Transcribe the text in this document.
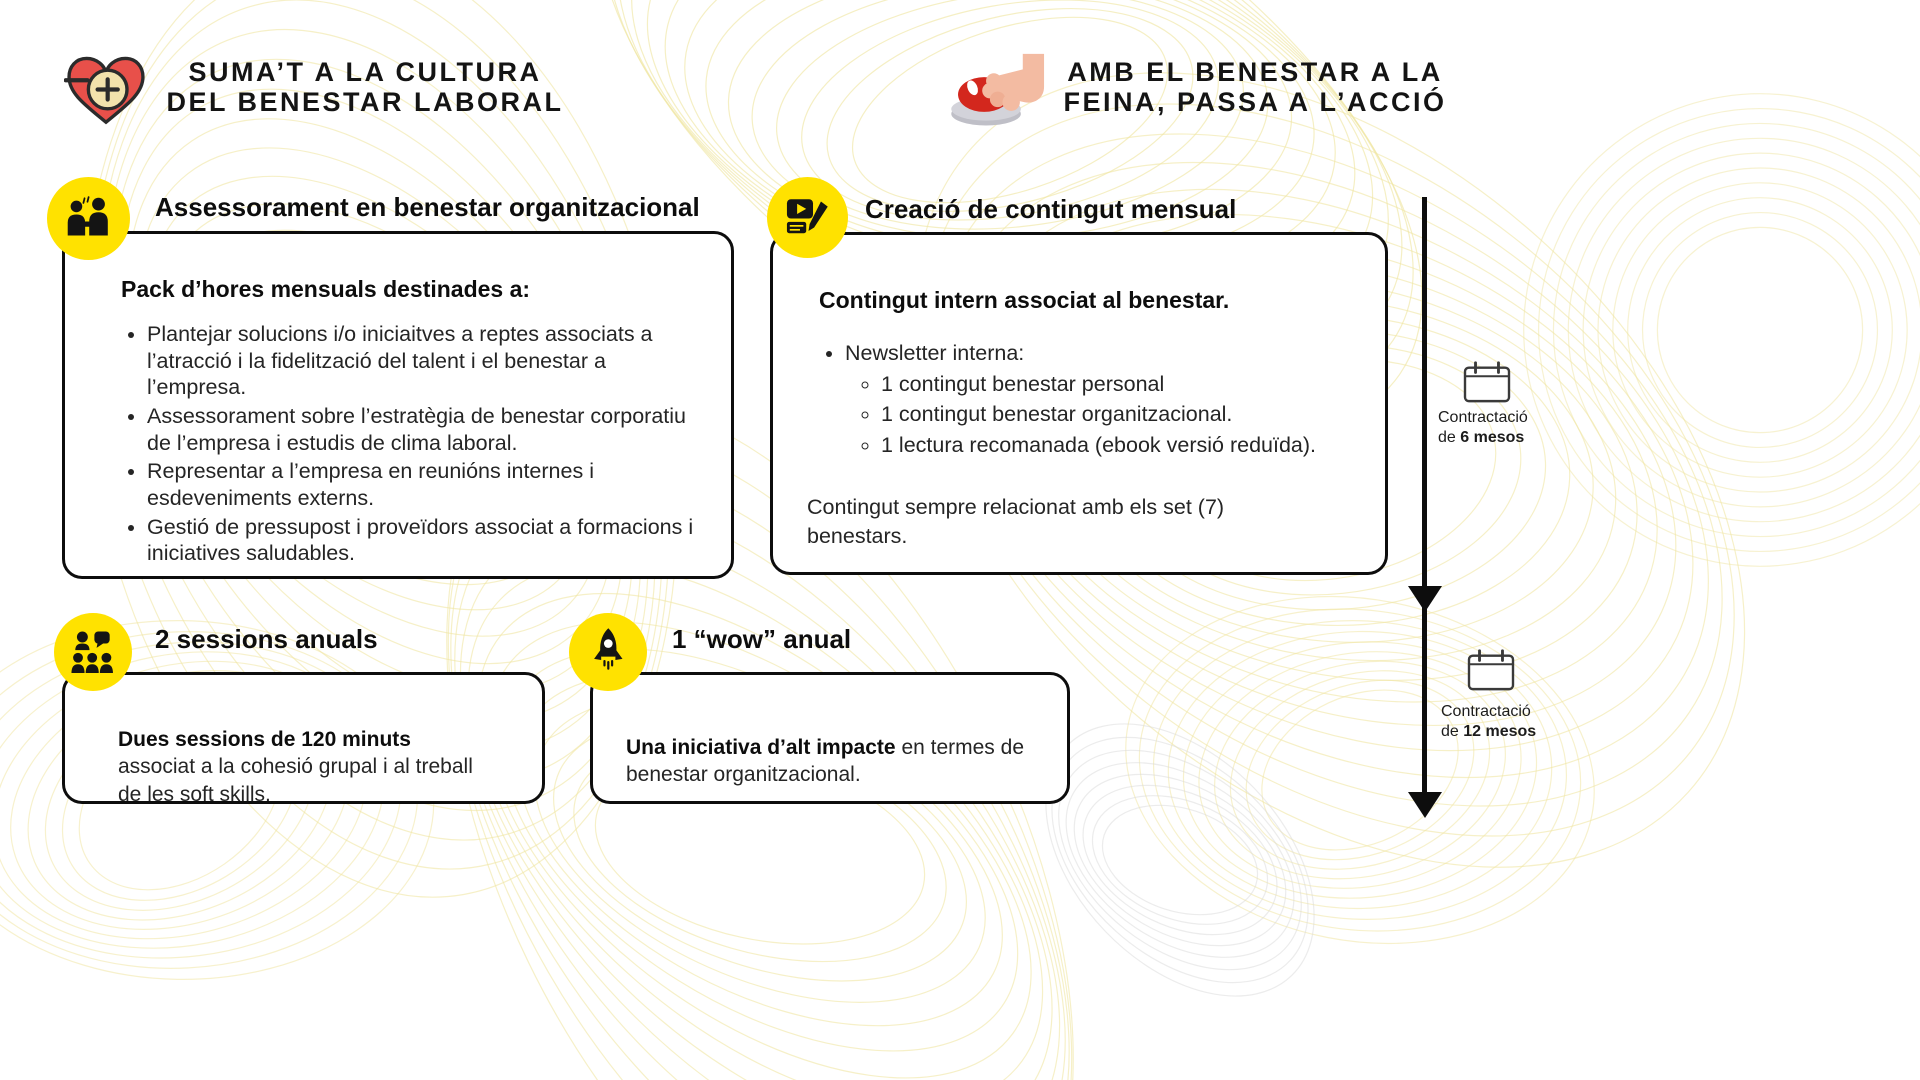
SUMA’T A LA CULTURA
DEL BENESTAR LABORAL
AMB EL BENESTAR A LA
FEINA, PASSA A L’ACCIÓ
Assessorament en benestar organitzacional

Pack d’hores mensuals destinades a:

• Plantejar solucions i/o iniciaitves a reptes associats a l’atracció i la fidelització del talent i el benestar a l’empresa.
• Assessorament sobre l’estratègia de benestar corporatiu de l’empresa i estudis de clima laboral.
• Representar a l’empresa en reunións internes i esdeveniments externs.
• Gestió de pressupost i proveïdors associat a formacions i iniciatives saludables.
Creació de contingut mensual

Contingut intern associat al benestar.

• Newsletter interna:
◦ 1 contingut benestar personal
◦ 1 contingut benestar organitzacional.
◦ 1 lectura recomanada (ebook versió reduïda).

Contingut sempre relacionat amb els set (7) benestars.

2 sessions anuals

Dues sessions de 120 minuts associat a la cohesió grupal i al treball de les soft skills.

1 “wow” anual

Una iniciativa d’alt impacte en termes de benestar organitzacional.

Contractació
de 6 mesos
Contractació
de 12 mesos
